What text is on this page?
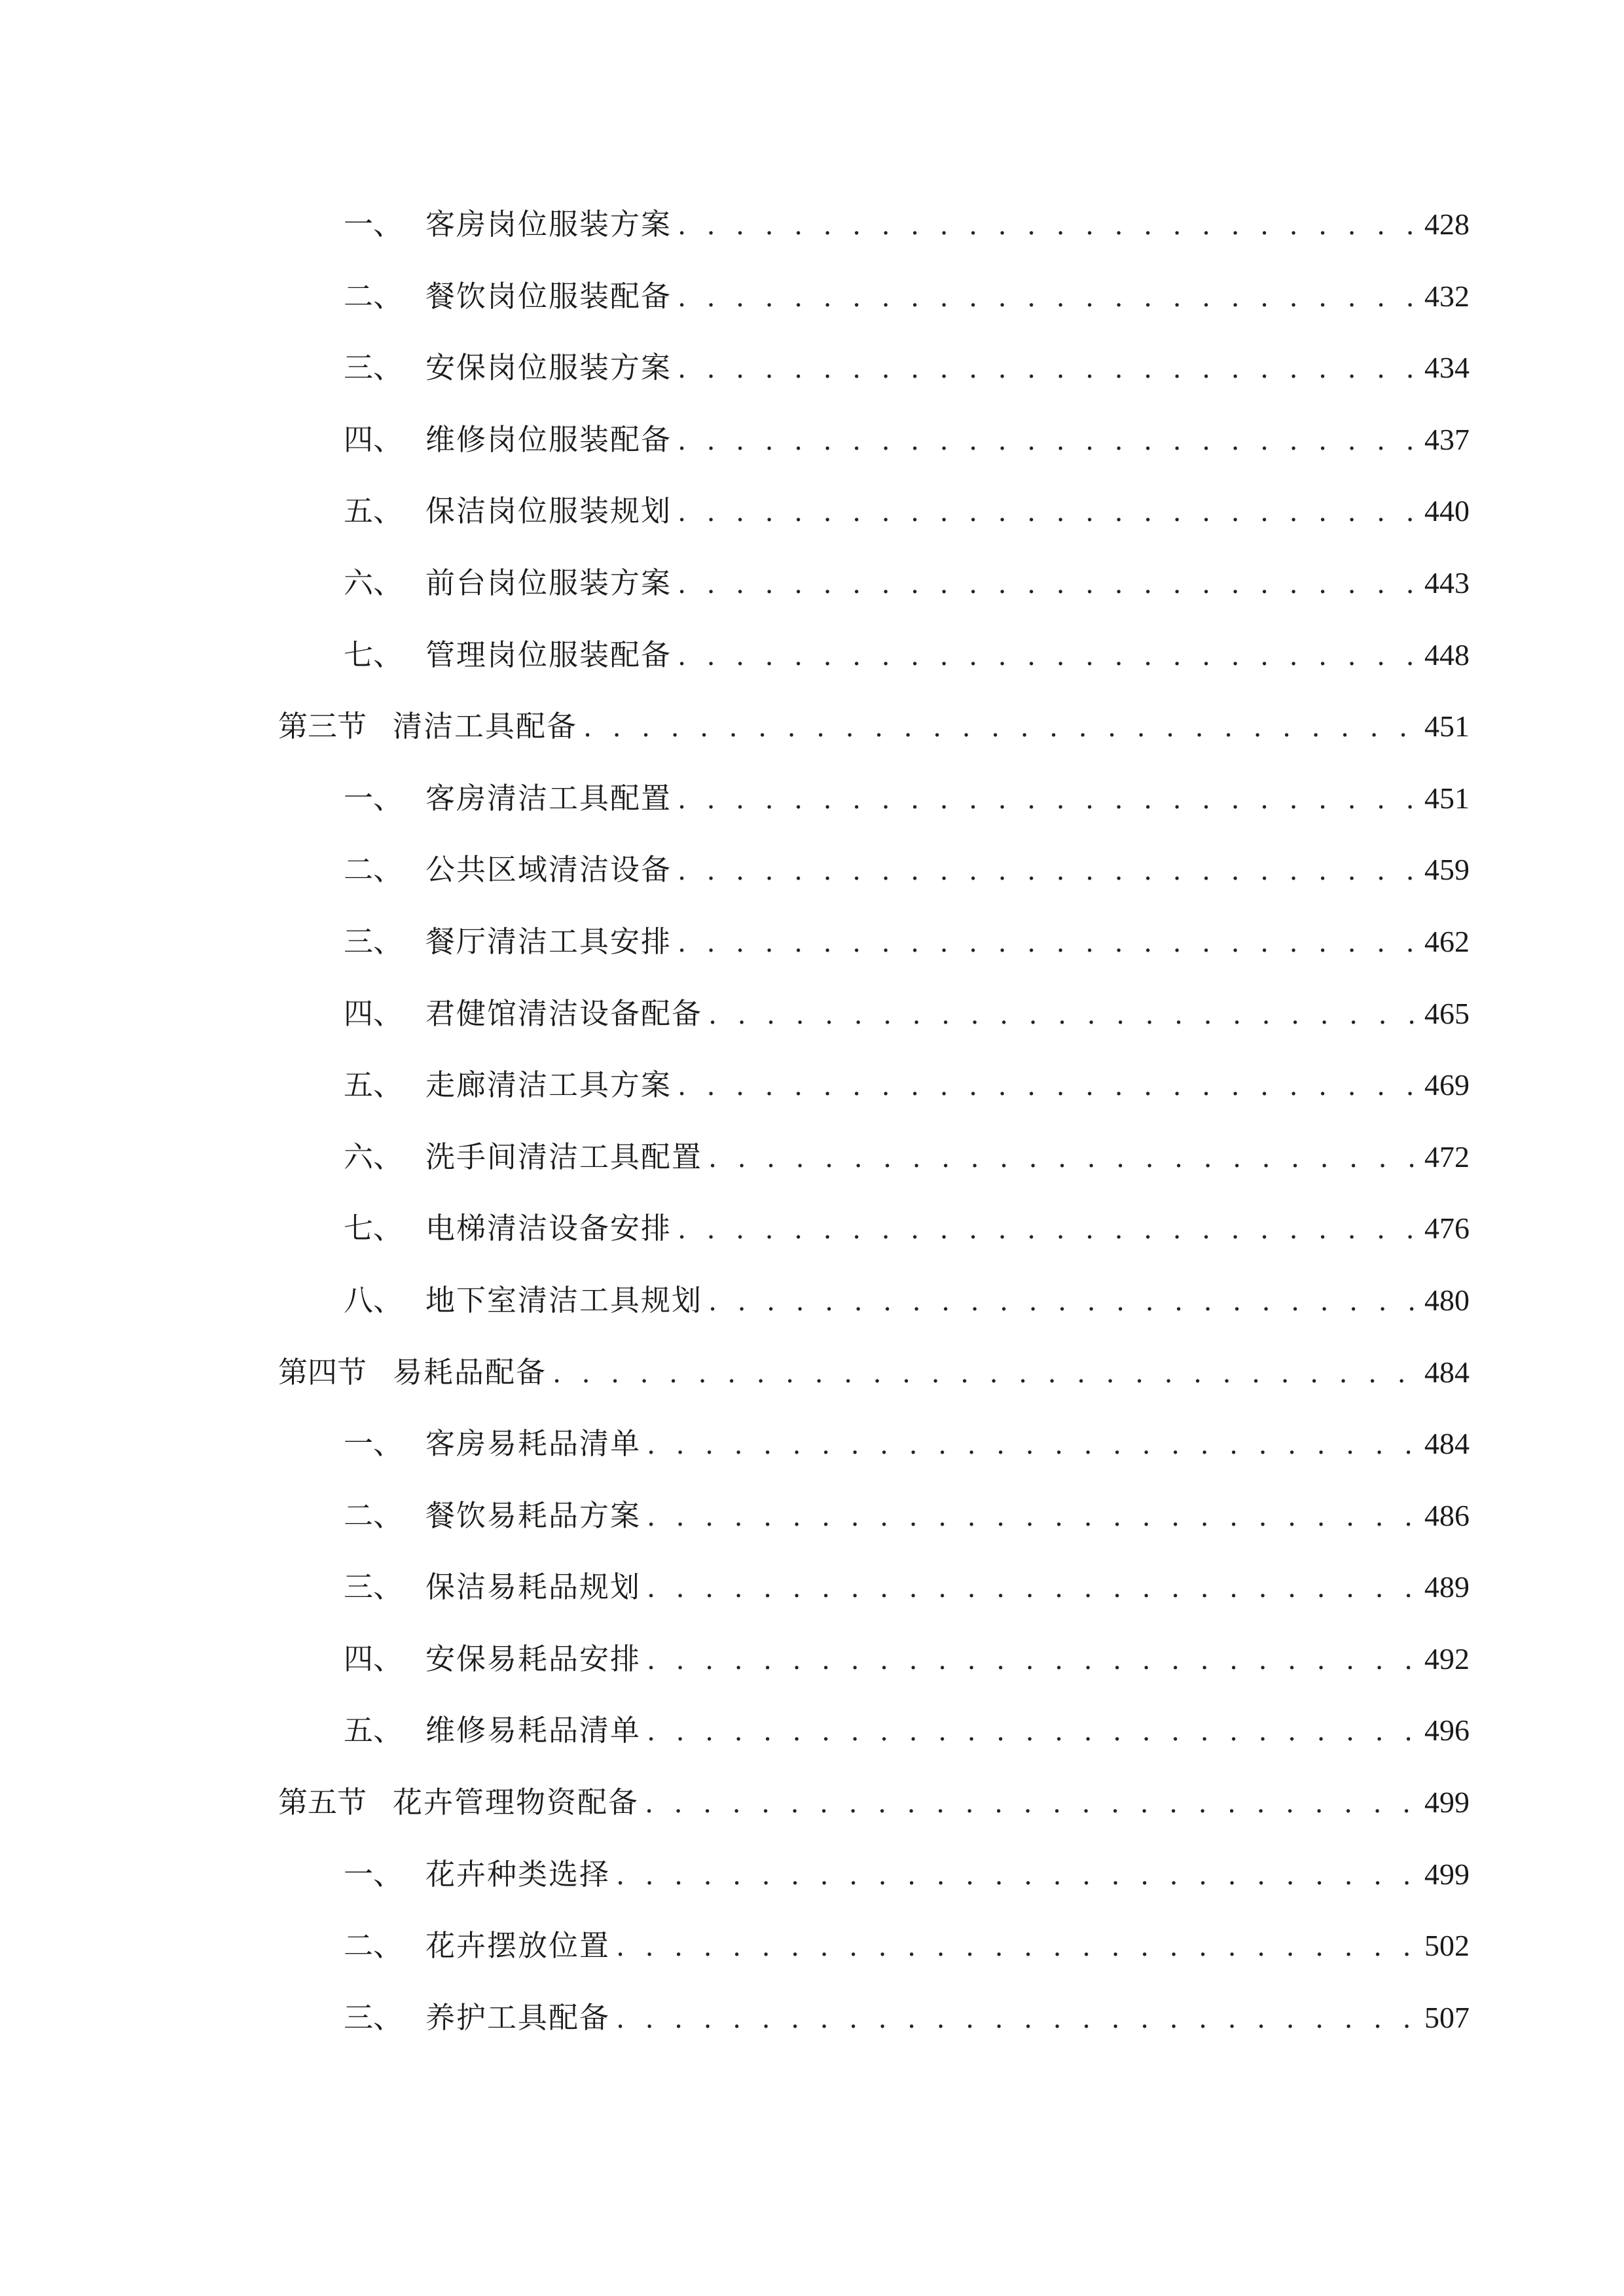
一、 客房岗位服装方案 . . .	428
二、 餐饮岗位服装配备 . . .	432
三、 安保岗位服装方案 . . .	434
四、 维修岗位服装配备 . . .	437
五、 保洁岗位服装规划 . . .	440
六、 前台岗位服装方案 . . .	443
七、 管理岗位服装配备 . . .	448
第三节 清洁工具配备 . . .	451
一、 客房清洁工具配置 . . .	451
二、 公共区域清洁设备 . . .	459
三、 餐厅清洁工具安排 . . .	462
四、 君健馆清洁设备配备 . . .	465
五、 走廊清洁工具方案 . . .	469
六、 洗手间清洁工具配置 . . .	472
七、 电梯清洁设备安排 . . .	476
八、 地下室清洁工具规划 . . .	480
第四节 易耗品配备 . . .	484
一、 客房易耗品清单 . . .	484
二、 餐饮易耗品方案 . . .	486
三、 保洁易耗品规划 . . .	489
四、 安保易耗品安排 . . .	492
五、 维修易耗品清单 . . .	496
第五节 花卉管理物资配备 . . .	499
一、 花卉种类选择 . . .	499
二、 花卉摆放位置 . . .	502
三、 养护工具配备 . . .	507
